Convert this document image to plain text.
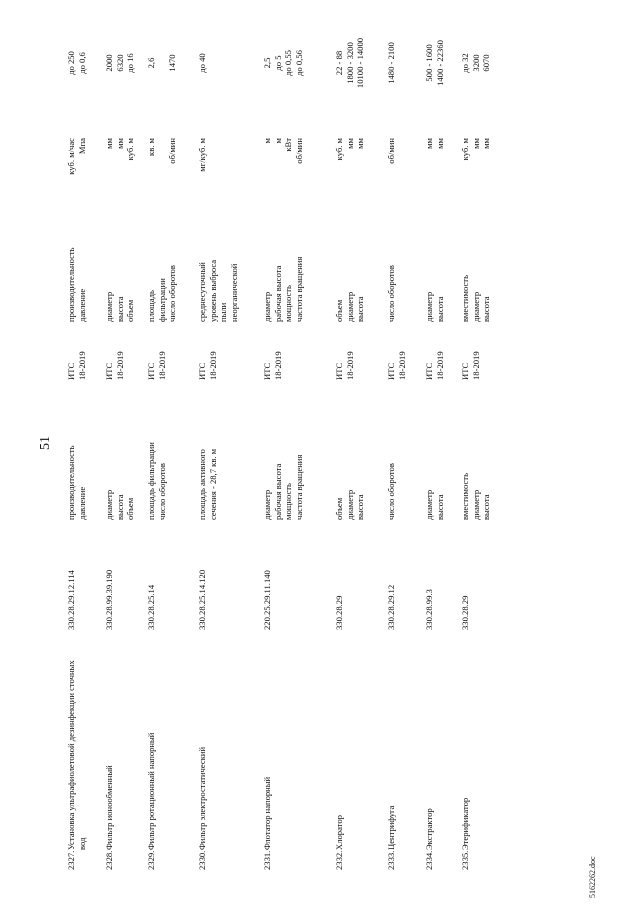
51
2327.
Установка ультрафиолетовой дезинфекции сточных вод
330.28.29.12.114
производительность давление
ИТС 18-2019
производительность давление
куб. м/час Мпа
до 250 до 0,6
2328.
Фильтр ионообменный
330.28.99.39.190
диаметр высота объем
ИТС 18-2019
диаметр высота объем
мм мм куб. м
2000 6320 до 16
2329.
Фильтр ротационный напорный
330.28.25.14
площадь фильтрации число оборотов
ИТС 18-2019
площадь фильтрации число оборотов
кв. м
об/мин
2,6
1470
2330.
Фильтр электростатический
330.28.25.14.120
площадь активного сечения - 28,7 кв. м
ИТС 18-2019
среднесуточный уровень выброса пыли неорганической
мг/куб. м
до 40
2331.
Флотатор напорный
220.25.29.11.140
диаметр рабочая высота мощность частота вращения
ИТС 18-2019
диаметр рабочая высота мощность частота вращения
м м кВт об/мин
2,5 до 5 до 0,55 до 0,56
2332.
Хлоратор
330.28.29
объем диаметр высота
ИТС 18-2019
объем диаметр высота
куб. м мм мм
22 - 88 1800 - 3200 10100 - 14000
2333.
Центрифуга
330.28.29.12
число оборотов
ИТС 18-2019
число оборотов
об/мин
1480 - 2100
2334.
Экстрактор
330.28.99.3
диаметр высота
ИТС 18-2019
диаметр высота
мм мм
500 - 1600 1400 - 22360
2335.
Этерификатор
330.28.29
вместимость диаметр высота
ИТС 18-2019
вместимость диаметр высота
куб. м мм мм
до 32 3200 6070
5162262.doc
